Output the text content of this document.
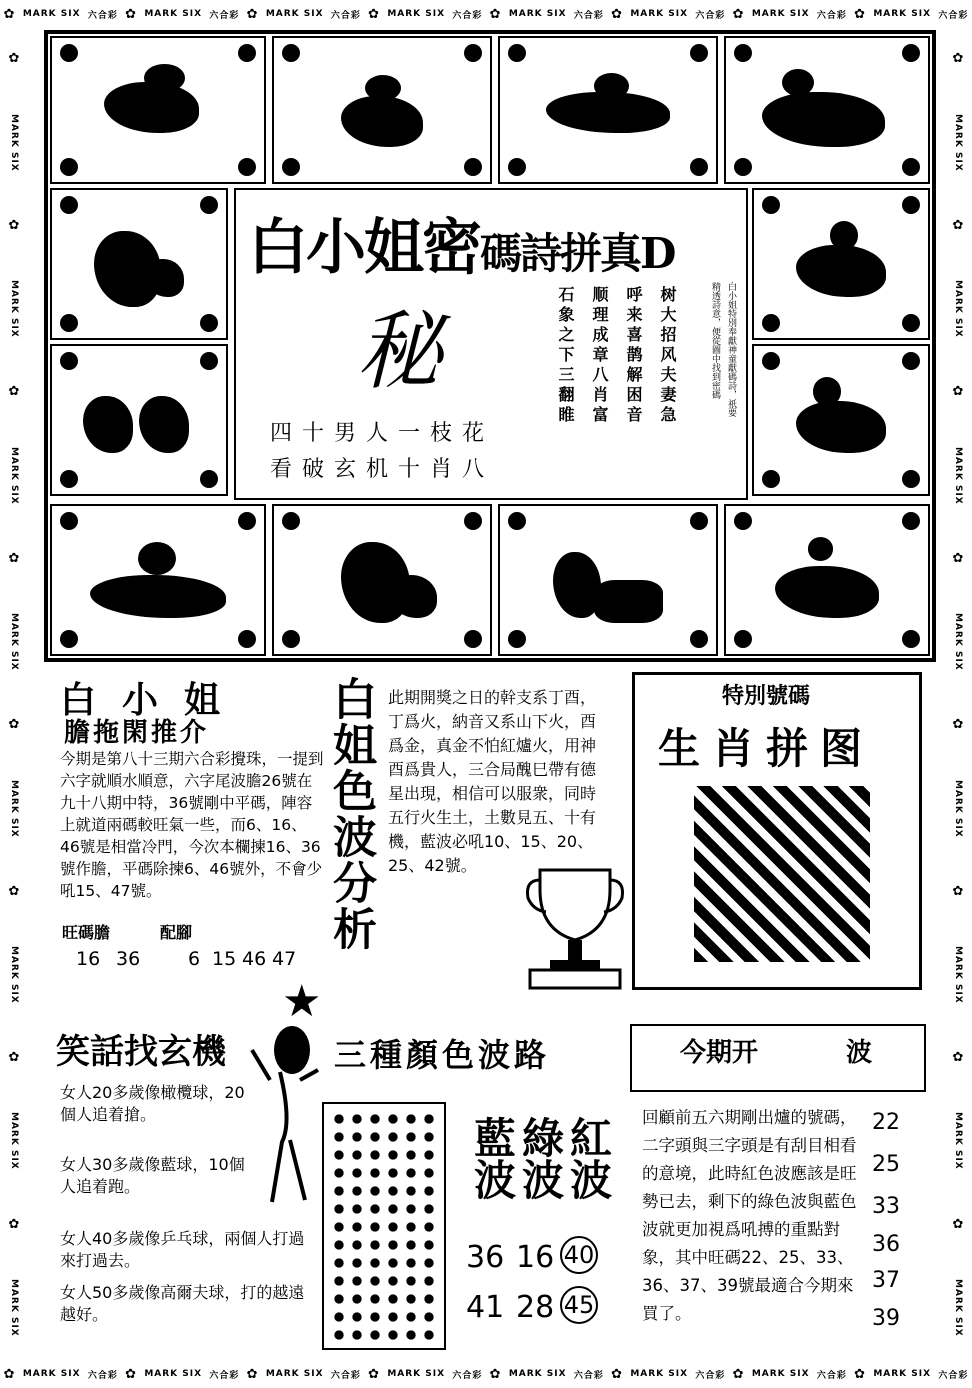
✿ MARK SIX 六合彩 ✿ MARK SIX 六合彩 ✿ MARK SIX 六合彩 ✿ MARK SIX 六合彩 ✿ MARK SIX 六合彩 ✿ MARK SIX 六合彩 ✿ MARK SIX 六合彩 ✿ MARK SIX 六合彩
✿ MARK SIX 六合彩 ✿ MARK SIX 六合彩 ✿ MARK SIX 六合彩 ✿ MARK SIX 六合彩 ✿ MARK SIX 六合彩 ✿ MARK SIX 六合彩 ✿ MARK SIX 六合彩 ✿ MARK SIX 六合彩
✿
MARK SIX
✿
MARK SIX
✿
MARK SIX
✿
MARK SIX
✿
MARK SIX
✿
MARK SIX
✿
MARK SIX
✿
MARK SIX
✿
MARK SIX
✿
MARK SIX
✿
MARK SIX
✿
MARK SIX
✿
MARK SIX
✿
MARK SIX
✿
MARK SIX
✿
MARK SIX
白小姐密碼詩拼真D
秘
四十男人一枝花
看破玄机十肖八
树大招风夫妻急
呼来喜鹊解困音
顺理成章八肖富
石象之下三翻睢	白小姐特別奉獻神童獻碼詩，祇要
精透詩意，便從圖中找到密碼
白小姐
膽拖閑推介
今期是第八十三期六合彩攪珠，一提到六字就順水順意，六字尾波膽26號在九十八期中特，36號剛中平碼，陣容上就道兩碼較旺氣一些，而6、16、46號是相當冷門，今次本欄揀16、36號作膽，平碼除揀6、46號外，不會少吼15、47號。
旺碼膽	配腳
16 36	6 15 46 47
白姐色波分析 此期開獎之日的幹支系丁酉，丁爲火，納音又系山下火，酉爲金，真金不怕紅爐火，用神酉爲貴人，三合局醜巳帶有德星出現，相信可以服衆，同時五行火生土，土數見五、十有機，藍波必吼10、15、20、25、42號。
特別號碼
生肖拼图
★
笑話找玄機
女人20多歲像橄欖球，20個人追着搶。
女人30多歲像藍球，10個人追着跑。
女人40多歲像乒乓球，兩個人打過來打過去。
女人50多歲像高爾夫球，打的越遠越好。
三種顏色波路
藍波 綠波 紅波
36 16 40
41 28 45
今期开	波
回顧前五六期剛出爐的號碼，二字頭與三字頭是有刮目相看的意境，此時紅色波應該是旺勢已去，剩下的綠色波與藍色波就更加視爲吼搏的重點對象，其中旺碼22、25、33、36、37、39號最適合今期來買了。
22
25
33
36
37
39
